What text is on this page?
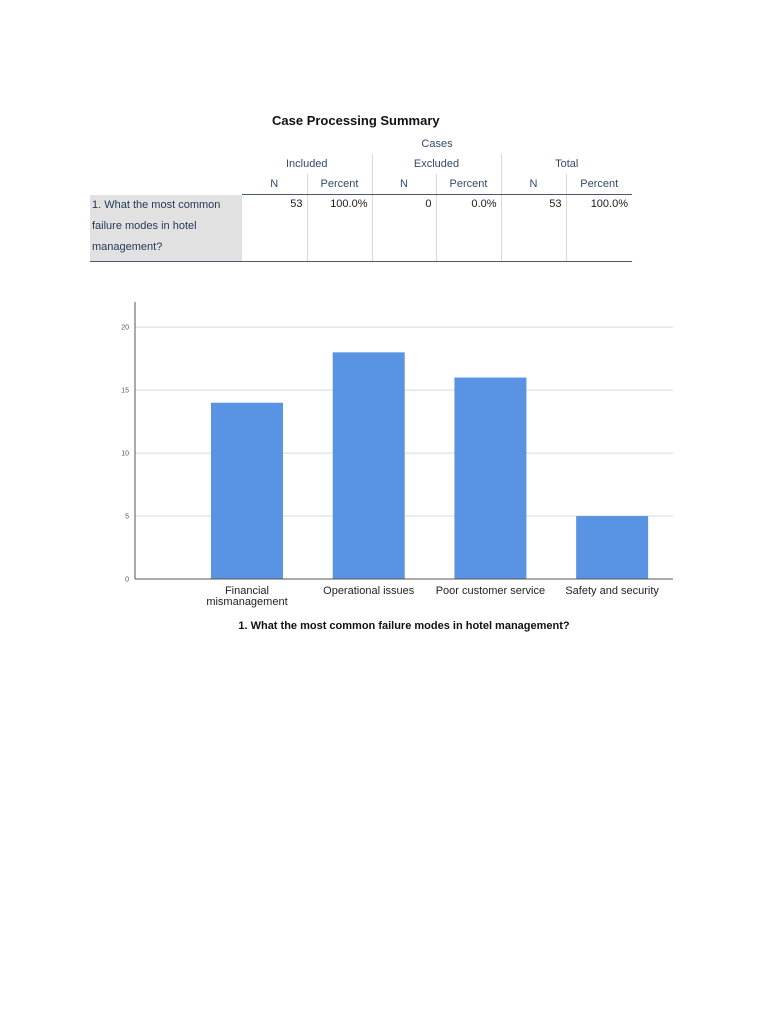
Case Processing Summary
	Cases					
	Included		Excluded		Total	
	N	Percent	N	Percent	N	Percent
1. What the most common failure modes in hotel management?	53	100.0%	0	0.0%	53	100.0%
0
5
10
15
20
Financial mismanagement
Operational issues Poor customer service Safety and security
1. What the most common failure modes in hotel management?
